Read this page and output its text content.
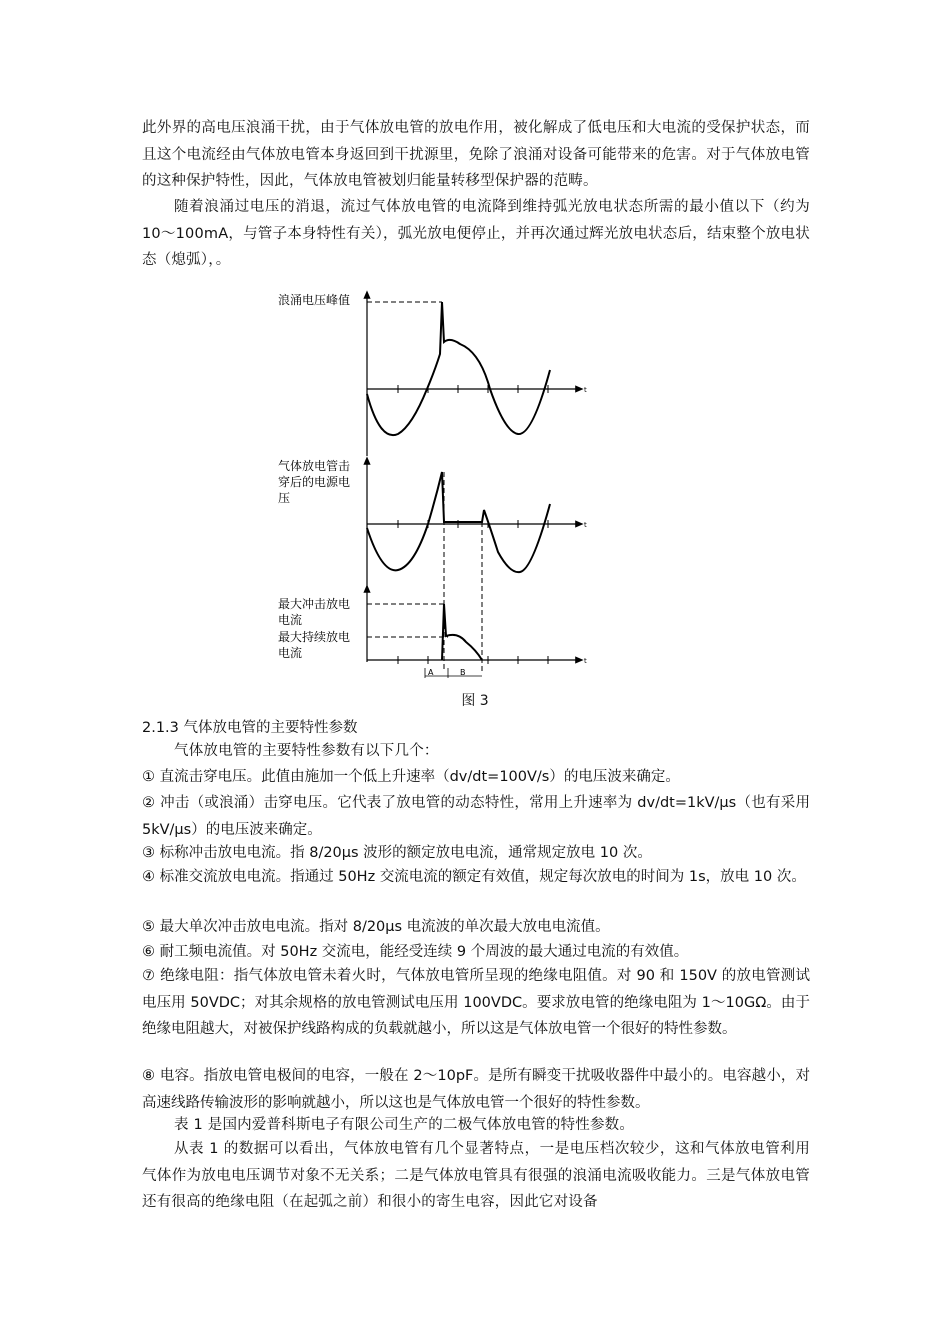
此外界的高电压浪涌干扰，由于气体放电管的放电作用，被化解成了低电压和大电流的受保护状态，而且这个电流经由气体放电管本身返回到干扰源里，免除了浪涌对设备可能带来的危害。对于气体放电管的这种保护特性，因此，气体放电管被划归能量转移型保护器的范畴。

随着浪涌过电压的消退，流过气体放电管的电流降到维持弧光放电状态所需的最小值以下（约为 10～100mA，与管子本身特性有关），弧光放电便停止，并再次通过辉光放电状态后，结束整个放电状态（熄弧），。

浪涌电压峰值
t
气体放电管击
穿后的电源电
压
t
最大冲击放电
电流
最大持续放电
电流
t
A	B
图 3

2.1.3 气体放电管的主要特性参数

气体放电管的主要特性参数有以下几个：

① 直流击穿电压。此值由施加一个低上升速率（dv/dt=100V/s）的电压波来确定。

② 冲击（或浪涌）击穿电压。它代表了放电管的动态特性，常用上升速率为 dv/dt=1kV/μs（也有采用 5kV/μs）的电压波来确定。

③ 标称冲击放电电流。指 8/20μs 波形的额定放电电流，通常规定放电 10 次。

④ 标准交流放电电流。指通过 50Hz 交流电流的额定有效值，规定每次放电的时间为 1s，放电 10 次。

⑤ 最大单次冲击放电电流。指对 8/20μs 电流波的单次最大放电电流值。

⑥ 耐工频电流值。对 50Hz 交流电，能经受连续 9 个周波的最大通过电流的有效值。

⑦ 绝缘电阻：指气体放电管未着火时，气体放电管所呈现的绝缘电阻值。对 90 和 150V 的放电管测试电压用 50VDC；对其余规格的放电管测试电压用 100VDC。要求放电管的绝缘电阻为 1～10GΩ。由于绝缘电阻越大，对被保护线路构成的负载就越小，所以这是气体放电管一个很好的特性参数。

⑧ 电容。指放电管电极间的电容，一般在 2～10pF。是所有瞬变干扰吸收器件中最小的。电容越小，对高速线路传输波形的影响就越小，所以这也是气体放电管一个很好的特性参数。

表 1 是国内爱普科斯电子有限公司生产的二极气体放电管的特性参数。

从表 1 的数据可以看出，气体放电管有几个显著特点，一是电压档次较少，这和气体放电管利用气体作为放电电压调节对象不无关系；二是气体放电管具有很强的浪涌电流吸收能力。三是气体放电管还有很高的绝缘电阻（在起弧之前）和很小的寄生电容，因此它对设备
